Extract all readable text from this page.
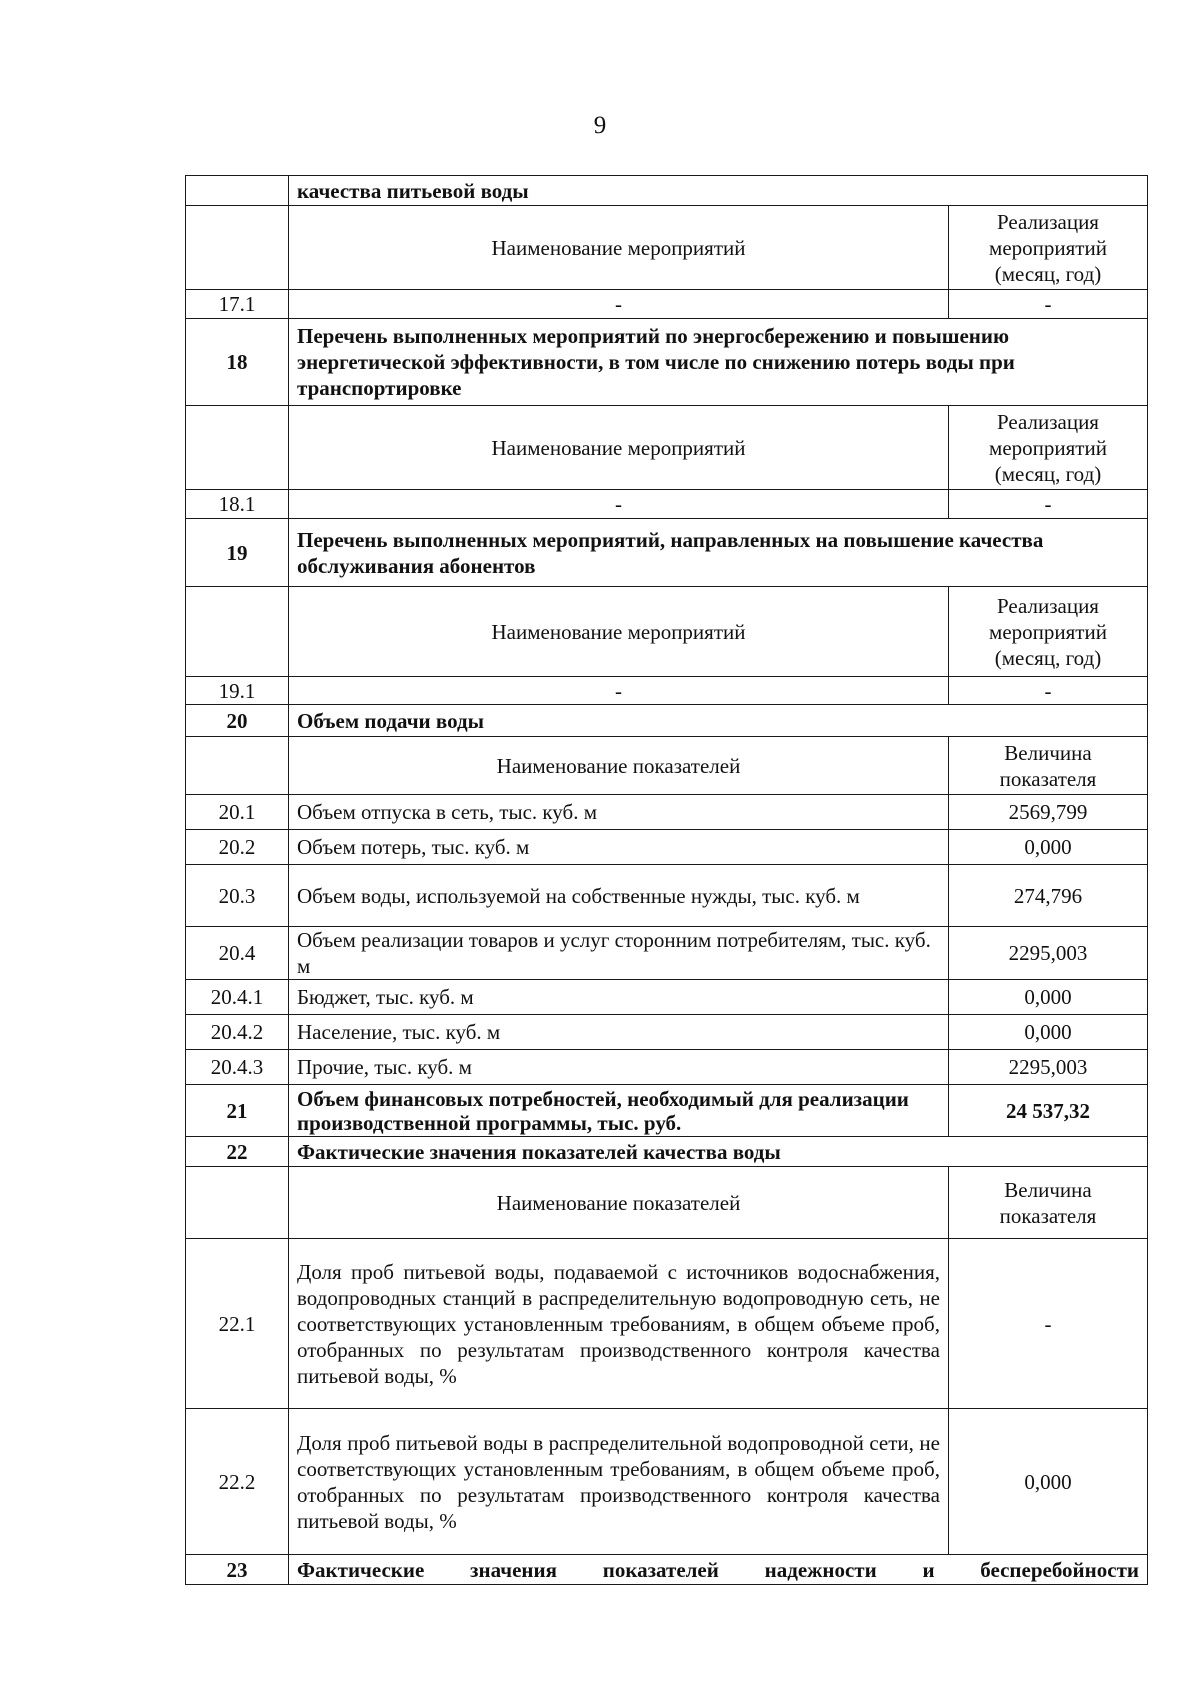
9
	качества питьевой воды	
	Наименование мероприятий	Реализация мероприятий (месяц, год)
17.1	-	-
18	Перечень выполненных мероприятий по энергосбережению и повышению энергетической эффективности, в том числе по снижению потерь воды при транспортировке	
	Наименование мероприятий	Реализация мероприятий (месяц, год)
18.1	-	-
19	Перечень выполненных мероприятий, направленных на повышение качества обслуживания абонентов	
	Наименование мероприятий	Реализация мероприятий (месяц, год)
19.1	-	-
20	Объем подачи воды	
	Наименование показателей	Величина показателя
20.1	Объем отпуска в сеть, тыс. куб. м	2569,799
20.2	Объем потерь, тыс. куб. м	0,000
20.3	Объем воды, используемой на собственные нужды, тыс. куб. м	274,796
20.4	Объем реализации товаров и услуг сторонним потребителям, тыс. куб. м	2295,003
20.4.1	Бюджет, тыс. куб. м	0,000
20.4.2	Население, тыс. куб. м	0,000
20.4.3	Прочие, тыс. куб. м	2295,003
21	Объем финансовых потребностей, необходимый для реализации производственной программы, тыс. руб.	24 537,32
22	Фактические значения показателей качества воды	
	Наименование показателей	Величина показателя
22.1	Доля проб питьевой воды, подаваемой с источников водоснабжения, водопроводных станций в распределительную водопроводную сеть, не соответствующих установленным требованиям, в общем объеме проб, отобранных по результатам производственного контроля качества питьевой воды, %	-
22.2	Доля проб питьевой воды в распределительной водопроводной сети, не соответствующих установленным требованиям, в общем объеме проб, отобранных по результатам производственного контроля качества питьевой воды, %	0,000
23	Фактические значения показателей надежности и бесперебойности	
